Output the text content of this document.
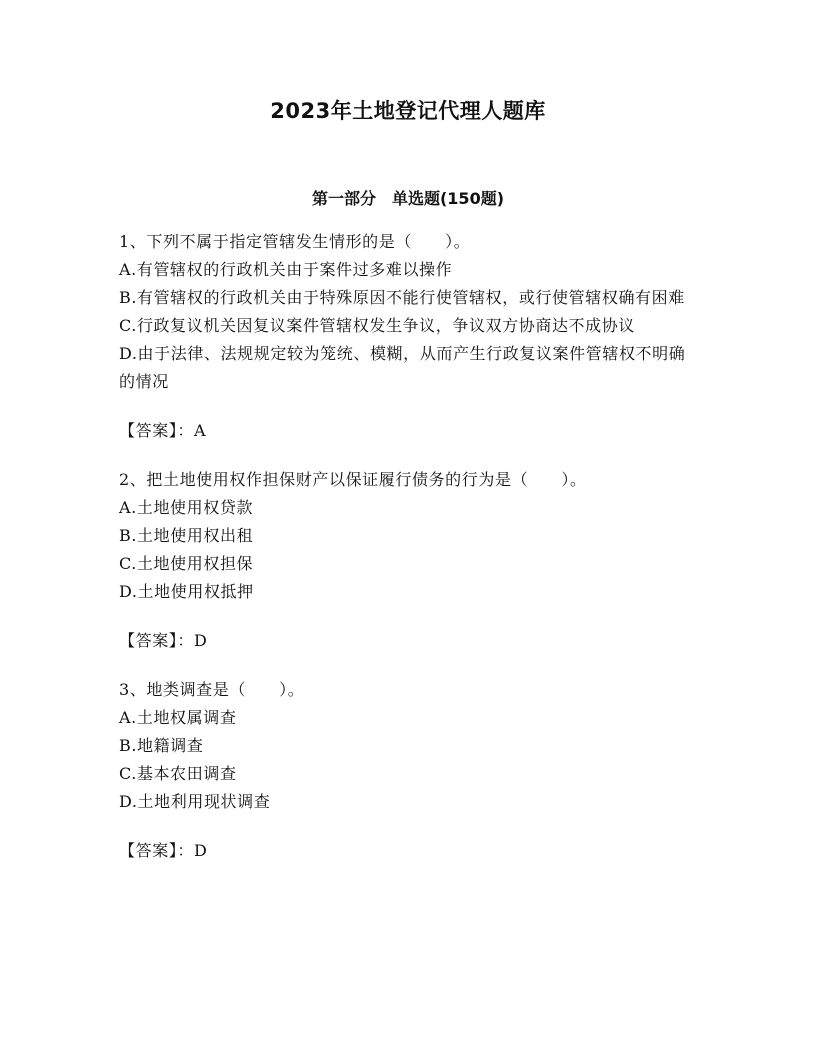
2023年土地登记代理人题库
第一部分　单选题(150题)

1、下列不属于指定管辖发生情形的是（　　）。

A.有管辖权的行政机关由于案件过多难以操作

B.有管辖权的行政机关由于特殊原因不能行使管辖权，或行使管辖权确有困难

C.行政复议机关因复议案件管辖权发生争议，争议双方协商达不成协议

D.由于法律、法规规定较为笼统、模糊，从而产生行政复议案件管辖权不明确的情况

【答案】：A

2、把土地使用权作担保财产以保证履行债务的行为是（　　）。

A.土地使用权贷款

B.土地使用权出租

C.土地使用权担保

D.土地使用权抵押

【答案】：D

3、地类调查是（　　）。

A.土地权属调查

B.地籍调查

C.基本农田调查

D.土地利用现状调查

【答案】：D
